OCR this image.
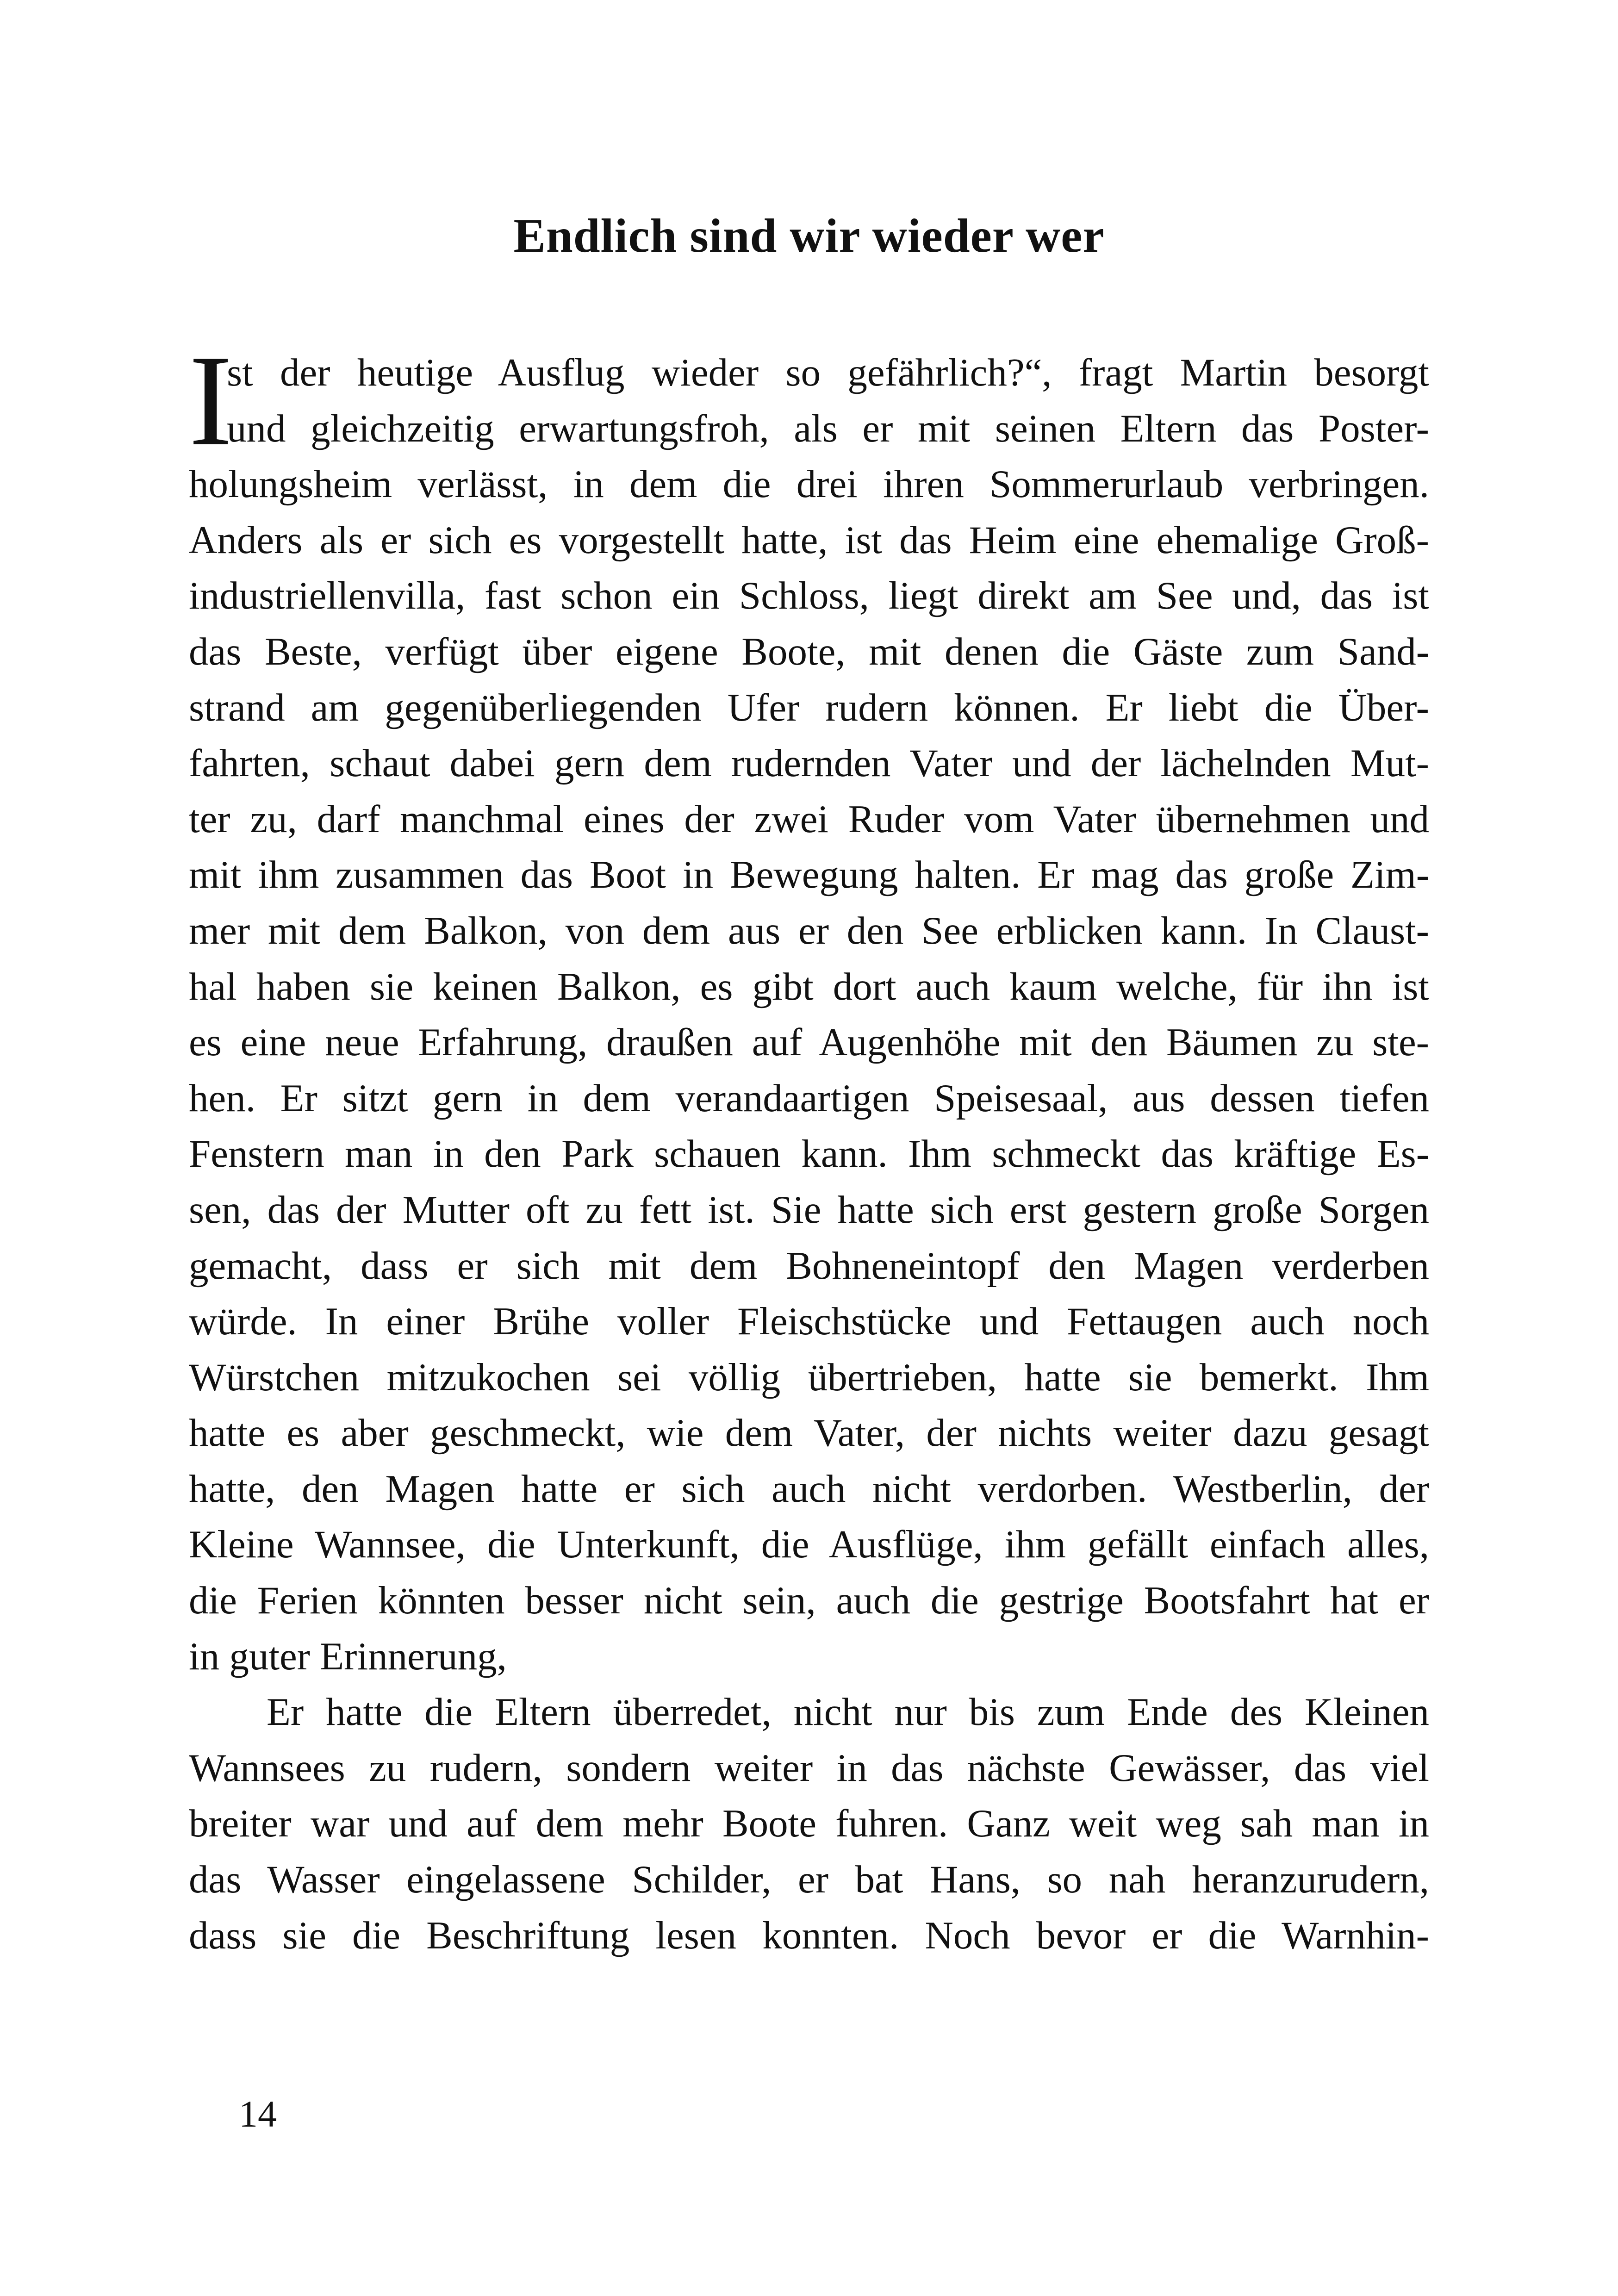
Endlich sind wir wieder wer
I
st der heutige Ausflug wieder so gefährlich?“, fragt Martin besorgt
und gleichzeitig erwartungsfroh, als er mit seinen Eltern das Poster-
holungsheim verlässt, in dem die drei ihren Sommerurlaub verbringen.
Anders als er sich es vorgestellt hatte, ist das Heim eine ehemalige Groß-
industriellenvilla, fast schon ein Schloss, liegt direkt am See und, das ist
das Beste, verfügt über eigene Boote, mit denen die Gäste zum Sand-
strand am gegenüberliegenden Ufer rudern können. Er liebt die Über-
fahrten, schaut dabei gern dem rudernden Vater und der lächelnden Mut-
ter zu, darf manchmal eines der zwei Ruder vom Vater übernehmen und
mit ihm zusammen das Boot in Bewegung halten. Er mag das große Zim-
mer mit dem Balkon, von dem aus er den See erblicken kann. In Claust-
hal haben sie keinen Balkon, es gibt dort auch kaum welche, für ihn ist
es eine neue Erfahrung, draußen auf Augenhöhe mit den Bäumen zu ste-
hen. Er sitzt gern in dem verandaartigen Speisesaal, aus dessen tiefen
Fenstern man in den Park schauen kann. Ihm schmeckt das kräftige Es-
sen, das der Mutter oft zu fett ist. Sie hatte sich erst gestern große Sorgen
gemacht, dass er sich mit dem Bohneneintopf den Magen verderben
würde. In einer Brühe voller Fleischstücke und Fettaugen auch noch
Würstchen mitzukochen sei völlig übertrieben, hatte sie bemerkt. Ihm
hatte es aber geschmeckt, wie dem Vater, der nichts weiter dazu gesagt
hatte, den Magen hatte er sich auch nicht verdorben. Westberlin, der
Kleine Wannsee, die Unterkunft, die Ausflüge, ihm gefällt einfach alles,
die Ferien könnten besser nicht sein, auch die gestrige Bootsfahrt hat er
in guter Erinnerung,
Er hatte die Eltern überredet, nicht nur bis zum Ende des Kleinen
Wannsees zu rudern, sondern weiter in das nächste Gewässer, das viel
breiter war und auf dem mehr Boote fuhren. Ganz weit weg sah man in
das Wasser eingelassene Schilder, er bat Hans, so nah heranzurudern,
dass sie die Beschriftung lesen konnten. Noch bevor er die Warnhin-
14
